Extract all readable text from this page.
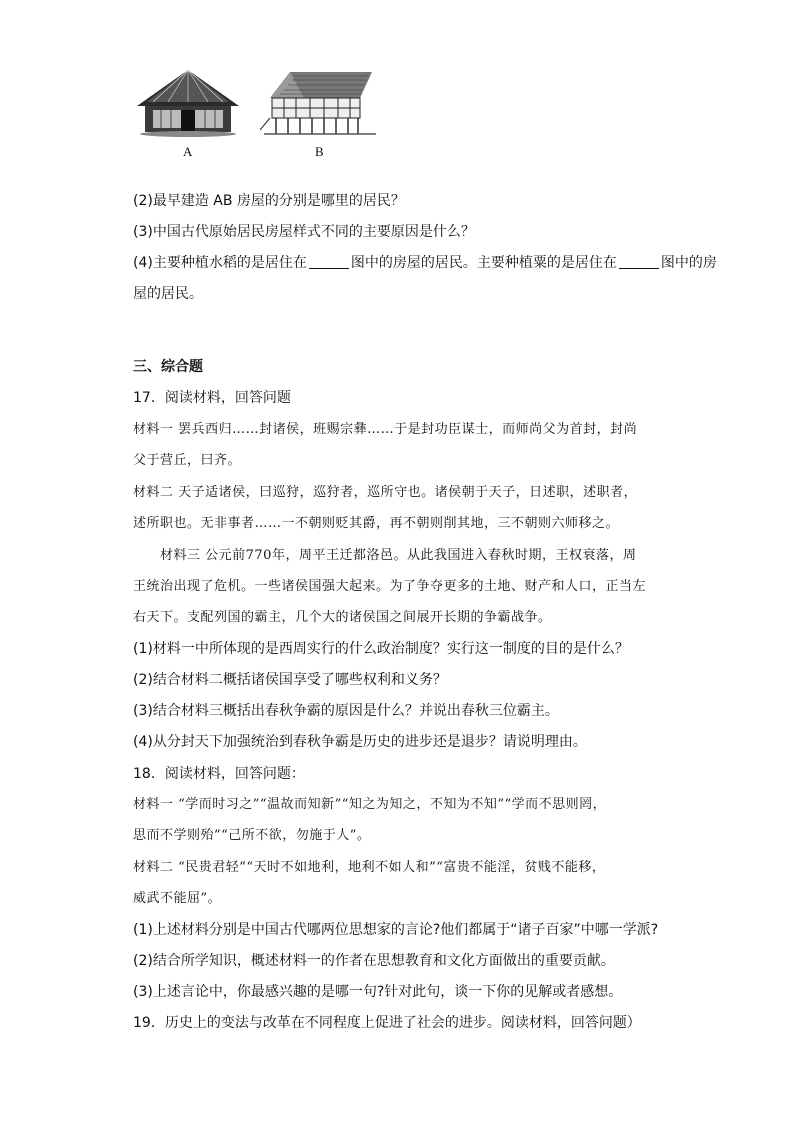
A	B
(2)最早建造 AB 房屋的分别是哪里的居民？
(3)中国古代原始居民房屋样式不同的主要原因是什么？
(4)主要种植水稻的是居住在	图中的房屋的居民。主要种植粟的是居住在	图中的房
屋的居民。
三、综合题
17．阅读材料，回答问题
材料一 罢兵西归……封诸侯，班赐宗彝……于是封功臣谋士，而师尚父为首封，封尚
父于营丘，曰齐。
材料二 天子适诸侯，曰巡狩，巡狩者，巡所守也。诸侯朝于天子，日述职，述职者，
述所职也。无非事者……一不朝则贬其爵，再不朝则削其地，三不朝则六师移之。
材料三 公元前770年，周平王迁都洛邑。从此我国进入春秋时期，王权衰落，周
王统治出现了危机。一些诸侯国强大起来。为了争夺更多的土地、财产和人口，正当左
右天下。支配列国的霸主，几个大的诸侯国之间展开长期的争霸战争。
(1)材料一中所体现的是西周实行的什么政治制度？实行这一制度的目的是什么？
(2)结合材料二概括诸侯国享受了哪些权利和义务？
(3)结合材料三概括出春秋争霸的原因是什么？并说出春秋三位霸主。
(4)从分封天下加强统治到春秋争霸是历史的进步还是退步？请说明理由。
18．阅读材料，回答问题：
材料一 “学而时习之”“温故而知新”“知之为知之，不知为不知”“学而不思则罔，
思而不学则殆”“己所不欲，勿施于人”。
材料二 “民贵君轻”“天时不如地利，地利不如人和”“富贵不能淫，贫贱不能移，
威武不能屈”。
(1)上述材料分别是中国古代哪两位思想家的言论?他们都属于“诸子百家”中哪一学派?
(2)结合所学知识，概述材料一的作者在思想教育和文化方面做出的重要贡献。
(3)上述言论中，你最感兴趣的是哪一句?针对此句，谈一下你的见解或者感想。
19．历史上的变法与改革在不同程度上促进了社会的进步。阅读材料，回答问题）
